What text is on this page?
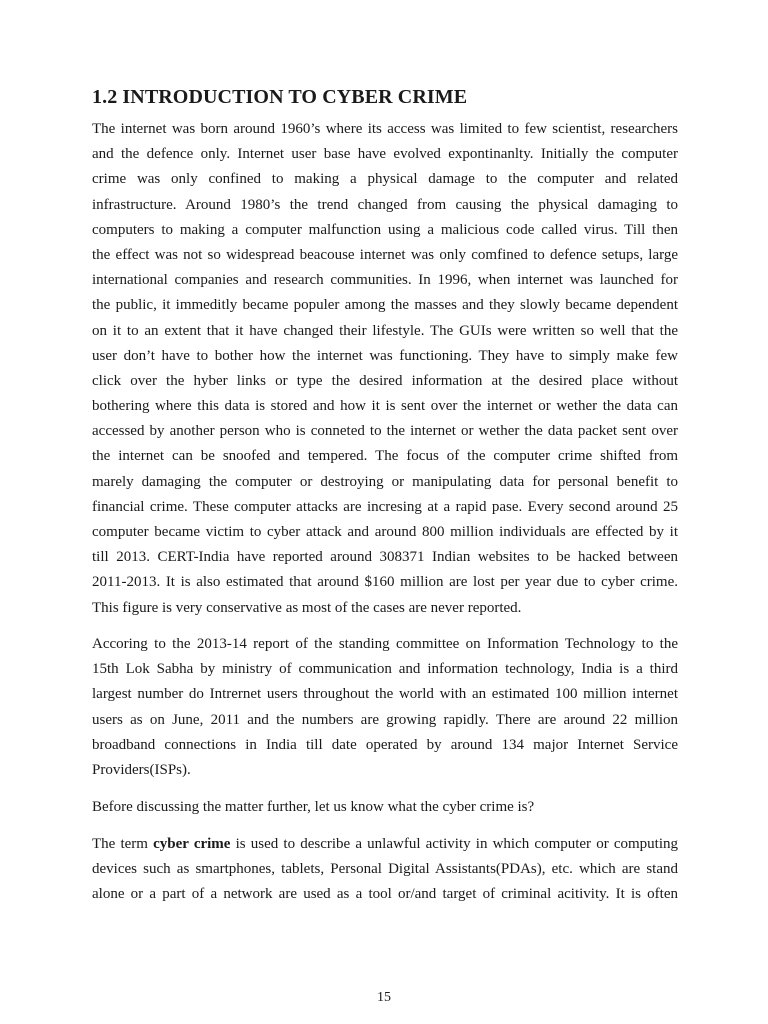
1.2 INTRODUCTION TO CYBER CRIME
The internet was born around 1960’s where its access was limited to few scientist, researchers
and the defence only. Internet user base have evolved expontinanlty. Initially the computer
crime was only confined to making a physical damage to the computer and related
infrastructure. Around 1980’s the trend changed from causing the physical damaging to
computers to making a computer malfunction using a malicious code called virus. Till then
the effect was not so widespread beacouse internet was only comfined to defence setups, large
international companies and research communities. In 1996, when internet was launched for
the public, it immeditly became populer among the masses and they slowly became dependent
on it to an extent that it have changed their lifestyle. The GUIs were written so well that the
user don’t have to bother how the internet was functioning. They have to simply make few
click over the hyber links or type the desired information at the desired place without
bothering where this data is stored and how it is sent over the internet or wether the data can
accessed by another person who is conneted to the internet or wether the data packet sent over
the internet can be snoofed and tempered. The focus of the computer crime shifted from
marely damaging the computer or destroying or manipulating data for personal benefit to
financial crime. These computer attacks are incresing at a rapid pase. Every second around 25
computer became victim to cyber attack and around 800 million individuals are effected by it
till 2013. CERT-India have reported around 308371 Indian websites to be hacked between
2011-2013. It is also estimated that around $160 million are lost per year due to cyber crime.
This figure is very conservative as most of the cases are never reported.
Accoring to the 2013-14 report of the standing committee on Information Technology to the
15th Lok Sabha by ministry of communication and information technology, India is a third
largest number do Intrernet users throughout the world with an estimated 100 million internet
users as on June, 2011 and the numbers are growing rapidly. There are around 22 million
broadband connections in India till date operated by around 134 major Internet Service
Providers(ISPs).
Before discussing the matter further, let us know what the cyber crime is?
The term cyber crime is used to describe a unlawful activity in which computer or computing
devices such as smartphones, tablets, Personal Digital Assistants(PDAs), etc. which are stand
alone or a part of a network are used as a tool or/and target of criminal acitivity. It is often
15
